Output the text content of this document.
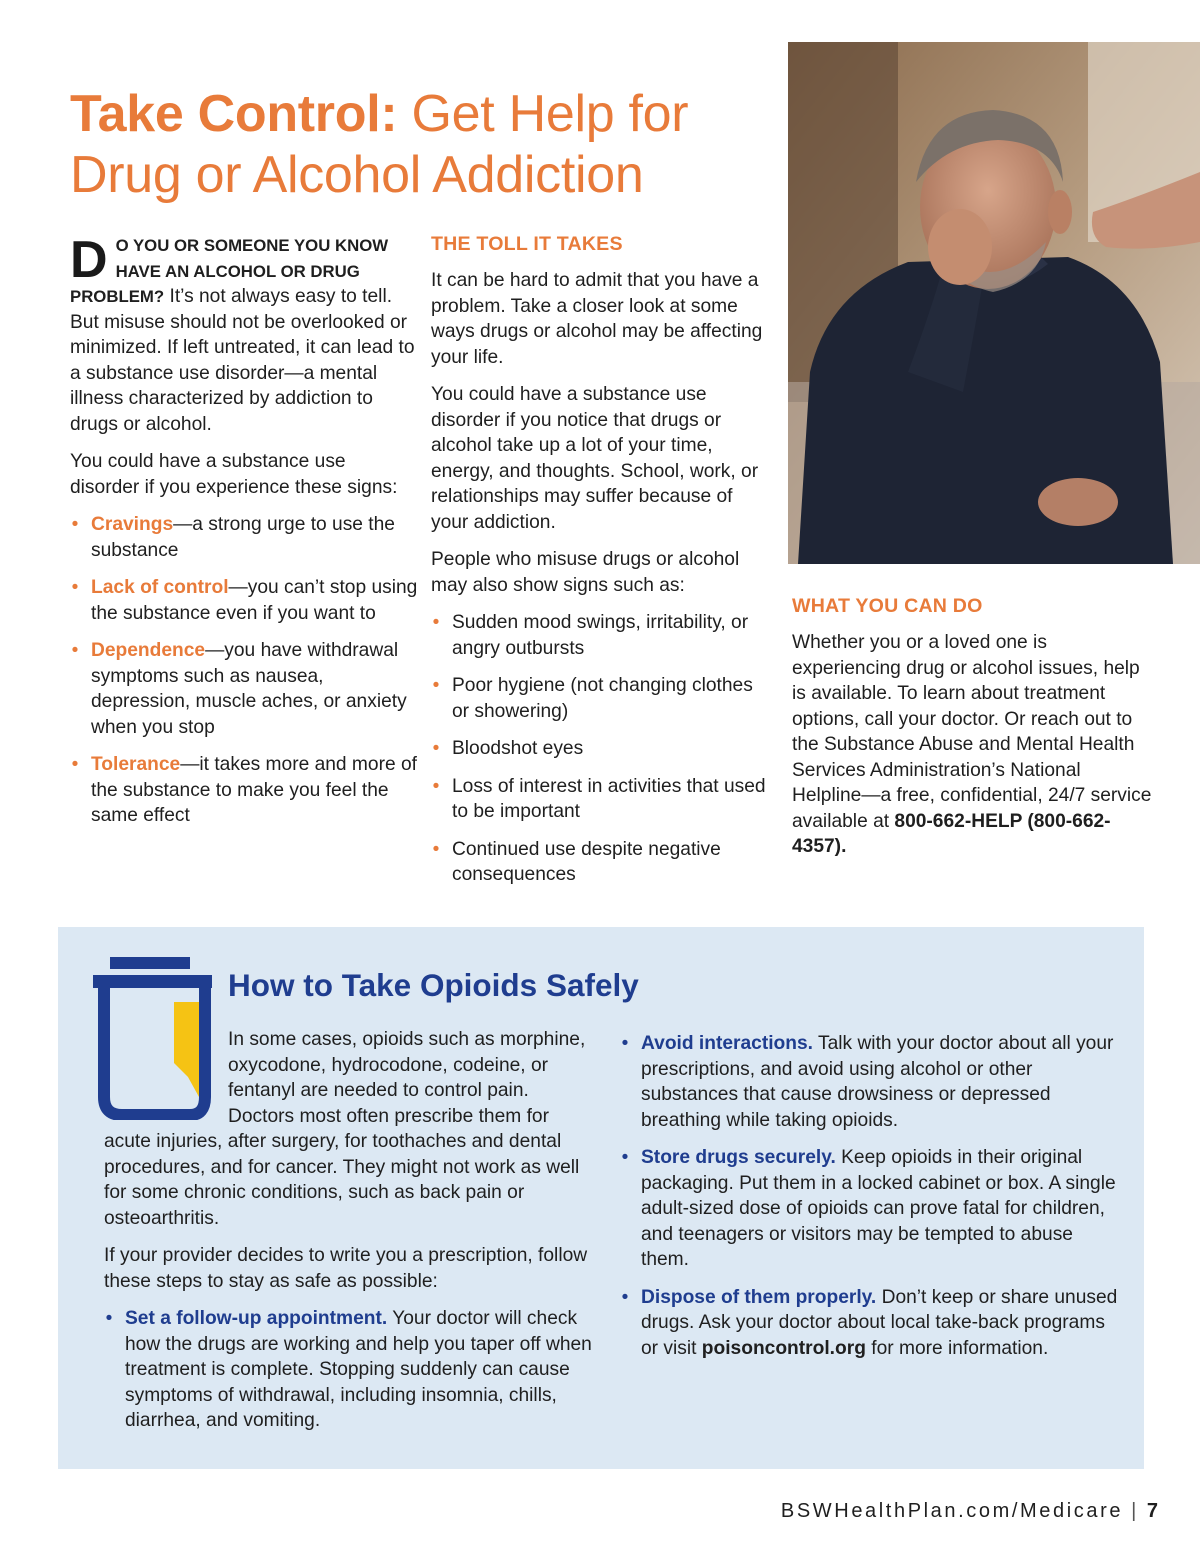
Take Control: Get Help for Drug or Alcohol Addiction

D O YOU OR SOMEONE YOU KNOW HAVE AN ALCOHOL OR DRUG PROBLEM? It’s not always easy to tell. But misuse should not be overlooked or minimized. If left untreated, it can lead to a substance use disorder—a mental illness characterized by addiction to drugs or alcohol.

You could have a substance use disorder if you experience these signs:

• Cravings—a strong urge to use the substance
• Lack of control—you can’t stop using the substance even if you want to
• Dependence—you have withdrawal symptoms such as nausea, depression, muscle aches, or anxiety when you stop
• Tolerance—it takes more and more of the substance to make you feel the same effect
THE TOLL IT TAKES

It can be hard to admit that you have a problem. Take a closer look at some ways drugs or alcohol may be affecting your life.

You could have a substance use disorder if you notice that drugs or alcohol take up a lot of your time, energy, and thoughts. School, work, or relationships may suffer because of your addiction.

People who misuse drugs or alcohol may also show signs such as:

• Sudden mood swings, irritability, or angry outbursts
• Poor hygiene (not changing clothes or showering)
• Bloodshot eyes
• Loss of interest in activities that used to be important
• Continued use despite negative consequences
WHAT YOU CAN DO

Whether you or a loved one is experiencing drug or alcohol issues, help is available. To learn about treatment options, call your doctor. Or reach out to the Substance Abuse and Mental Health Services Administration’s National Helpline—a free, confidential, 24/7 service available at 800-662-HELP (800-662-4357).

How to Take Opioids Safely

In some cases, opioids such as morphine, oxycodone, hydrocodone, codeine, or fentanyl are needed to control pain. Doctors most often prescribe them for acute injuries, after surgery, for toothaches and dental procedures, and for cancer. They might not work as well for some chronic conditions, such as back pain or osteoarthritis.

If your provider decides to write you a prescription, follow these steps to stay as safe as possible:

• Set a follow-up appointment. Your doctor will check how the drugs are working and help you taper off when treatment is complete. Stopping suddenly can cause symptoms of withdrawal, including insomnia, chills, diarrhea, and vomiting.
• Avoid interactions. Talk with your doctor about all your prescriptions, and avoid using alcohol or other substances that cause drowsiness or depressed breathing while taking opioids.
• Store drugs securely. Keep opioids in their original packaging. Put them in a locked cabinet or box. A single adult-sized dose of opioids can prove fatal for children, and teenagers or visitors may be tempted to abuse them.
• Dispose of them properly. Don’t keep or share unused drugs. Ask your doctor about local take-back programs or visit poisoncontrol.org for more information.
BSWHealthPlan.com/Medicare | 7
